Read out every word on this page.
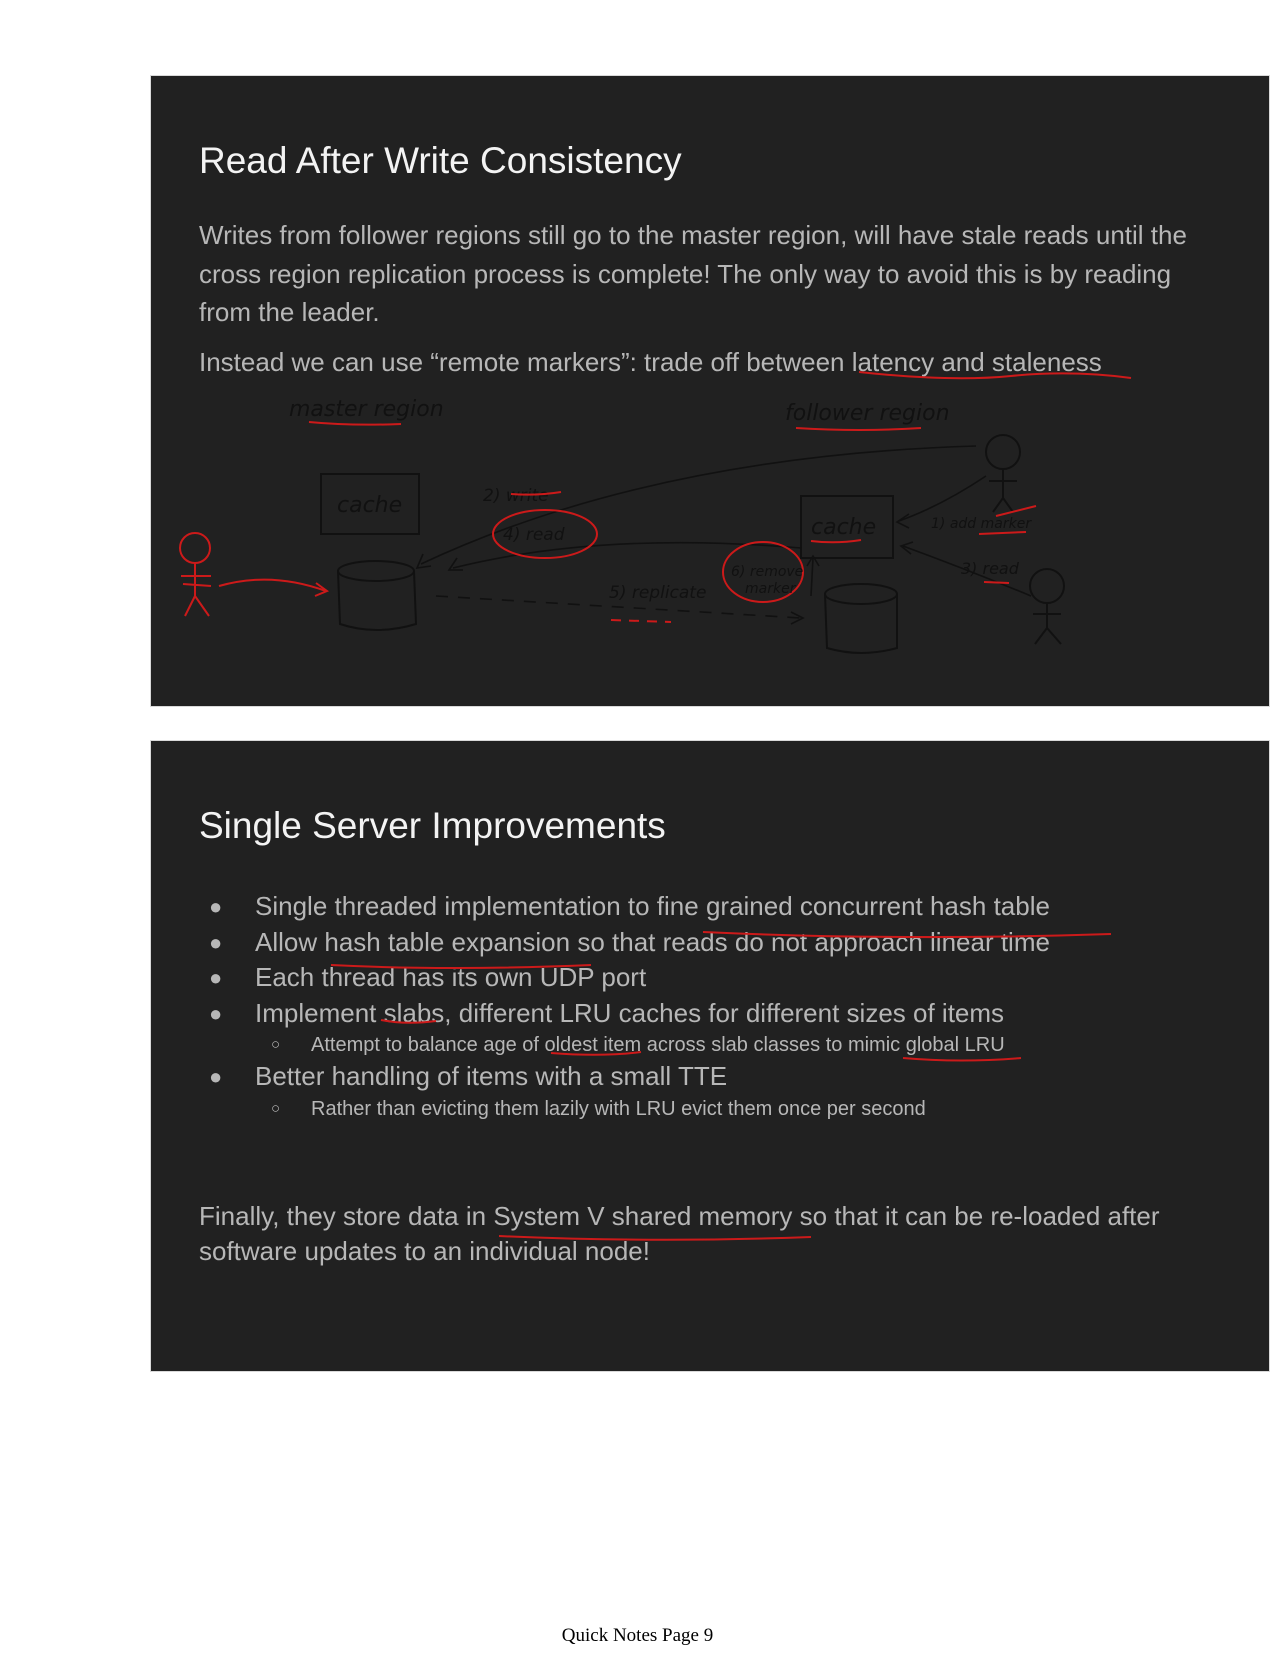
Read After Write Consistency
Writes from follower regions still go to the master region, will have stale reads until the cross region replication process is complete! The only way to avoid this is by reading from the leader.
Instead we can use “remote markers”: trade off between latency and staleness
master region	follower region
cache
cache
2) write
4) read
5) replicate
6) remove
marker
1) add marker
3) read
Single Server Improvements
● Single threaded implementation to fine grained concurrent hash table
● Allow hash table expansion so that reads do not approach linear time
● Each thread has its own UDP port
● Implement slabs, different LRU caches for different sizes of items
○ Attempt to balance age of oldest item across slab classes to mimic global LRU
● Better handling of items with a small TTE
○ Rather than evicting them lazily with LRU evict them once per second
Finally, they store data in System V shared memory so that it can be re-loaded after software updates to an individual node!
Quick Notes Page 9
